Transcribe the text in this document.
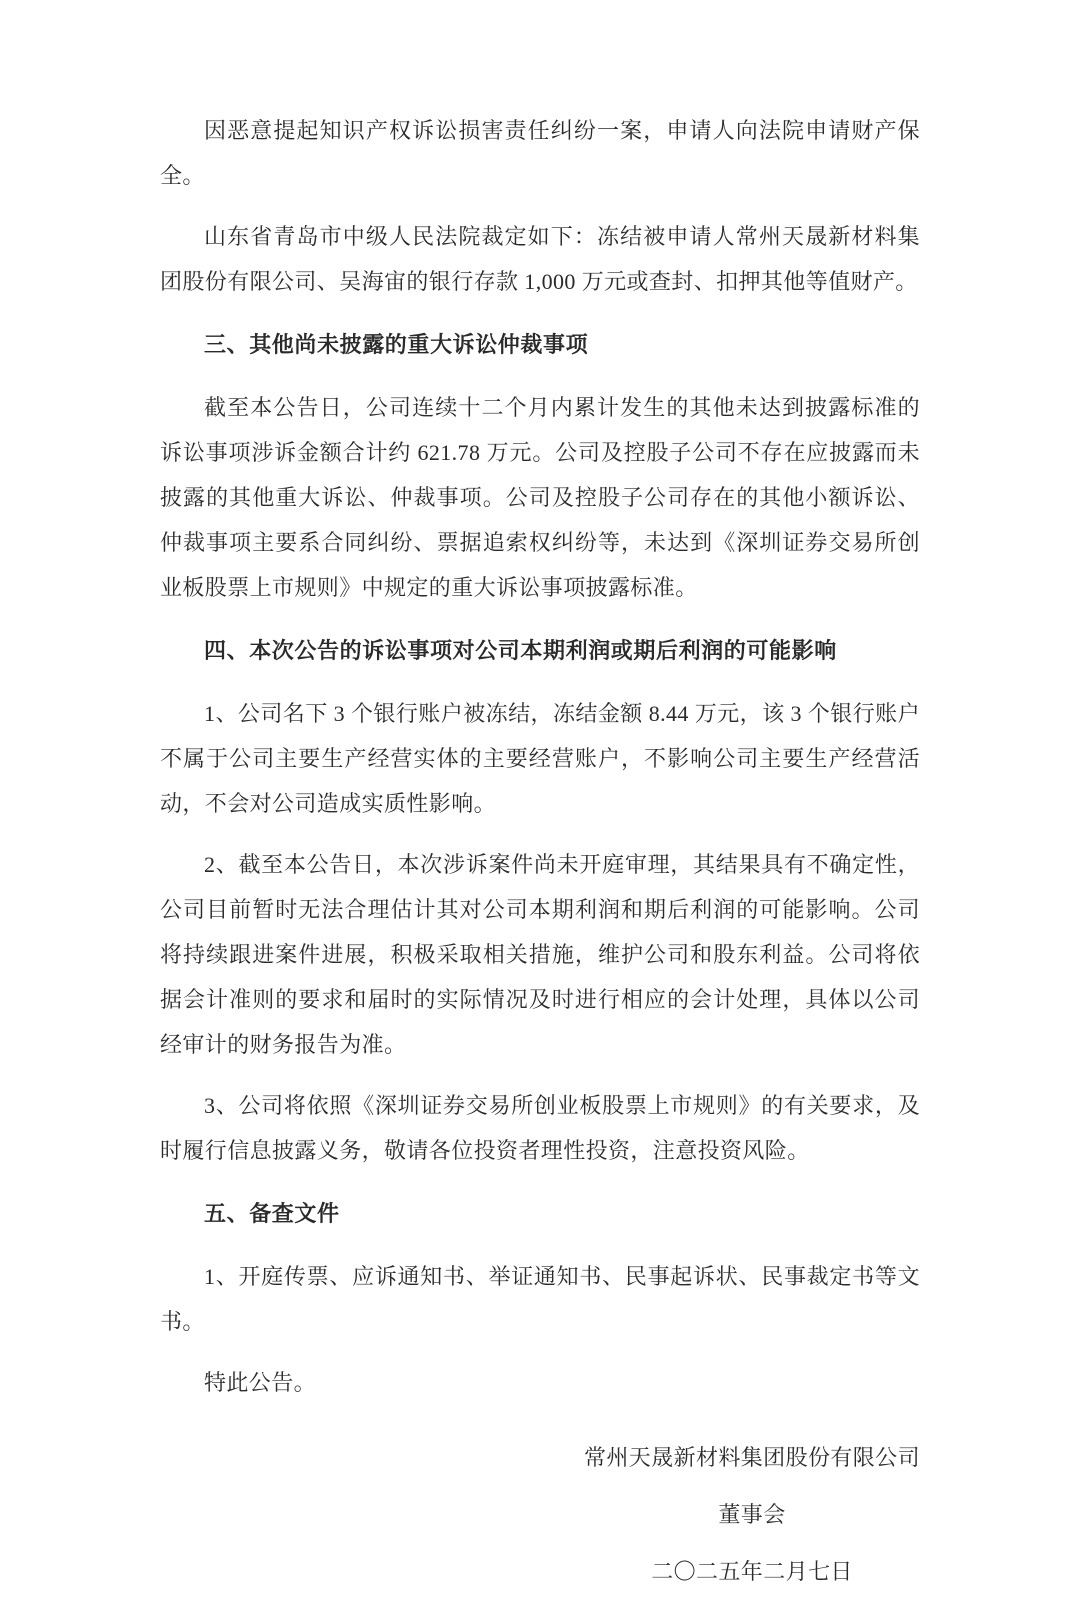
因恶意提起知识产权诉讼损害责任纠纷一案，申请人向法院申请财产保全。

山东省青岛市中级人民法院裁定如下：冻结被申请人常州天晟新材料集团股份有限公司、吴海宙的银行存款 1,000 万元或查封、扣押其他等值财产。

三、其他尚未披露的重大诉讼仲裁事项

截至本公告日，公司连续十二个月内累计发生的其他未达到披露标准的诉讼事项涉诉金额合计约 621.78 万元。公司及控股子公司不存在应披露而未披露的其他重大诉讼、仲裁事项。公司及控股子公司存在的其他小额诉讼、仲裁事项主要系合同纠纷、票据追索权纠纷等，未达到《深圳证券交易所创业板股票上市规则》中规定的重大诉讼事项披露标准。

四、本次公告的诉讼事项对公司本期利润或期后利润的可能影响

1、公司名下 3 个银行账户被冻结，冻结金额 8.44 万元，该 3 个银行账户不属于公司主要生产经营实体的主要经营账户，不影响公司主要生产经营活动，不会对公司造成实质性影响。

2、截至本公告日，本次涉诉案件尚未开庭审理，其结果具有不确定性，公司目前暂时无法合理估计其对公司本期利润和期后利润的可能影响。公司将持续跟进案件进展，积极采取相关措施，维护公司和股东利益。公司将依据会计准则的要求和届时的实际情况及时进行相应的会计处理，具体以公司经审计的财务报告为准。

3、公司将依照《深圳证券交易所创业板股票上市规则》的有关要求，及时履行信息披露义务，敬请各位投资者理性投资，注意投资风险。

五、备查文件

1、开庭传票、应诉通知书、举证通知书、民事起诉状、民事裁定书等文书。

特此公告。

常州天晟新材料集团股份有限公司
董事会
二〇二五年二月七日
